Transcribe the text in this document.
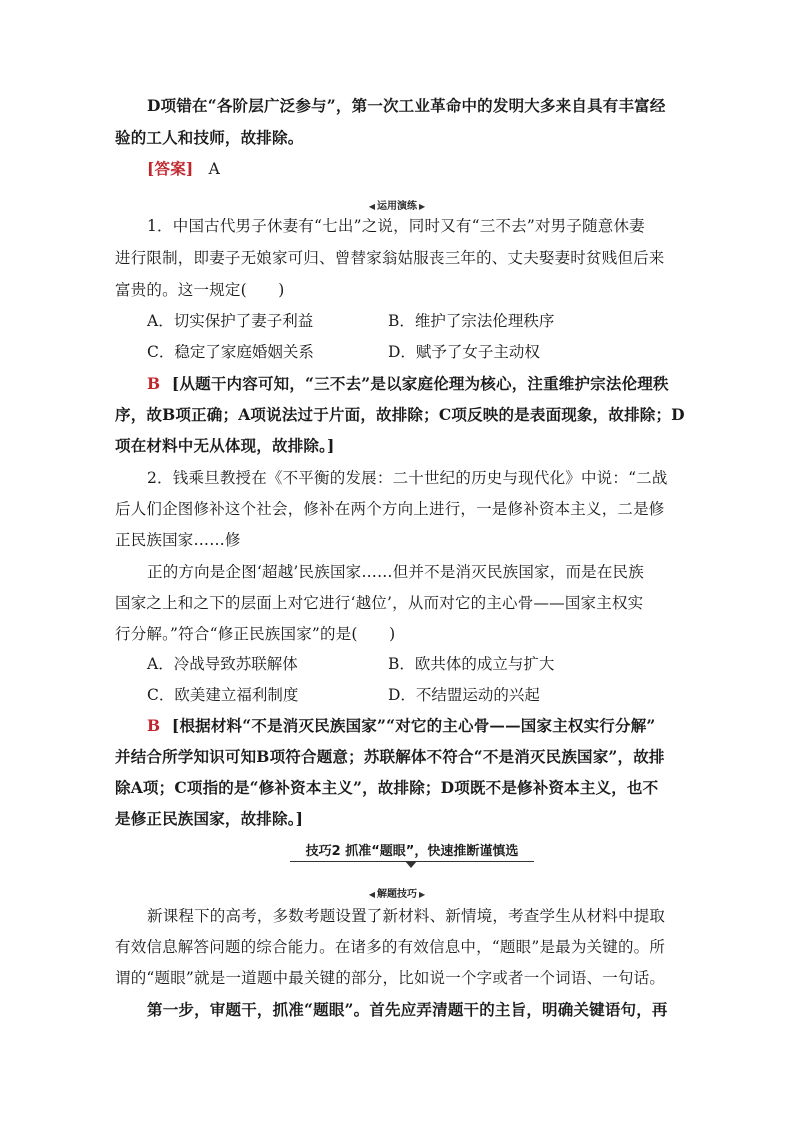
D项错在“各阶层广泛参与”，第一次工业革命中的发明大多来自具有丰富经
验的工人和技师，故排除。
[答案] A
◀ 运用演练 ▶
1．中国古代男子休妻有“七出”之说，同时又有“三不去”对男子随意休妻
进行限制，即妻子无娘家可归、曾替家翁姑服丧三年的、丈夫娶妻时贫贱但后来
富贵的。这一规定(　　)
A．切实保护了妻子利益	B．维护了宗法伦理秩序
C．稳定了家庭婚姻关系	D．赋予了女子主动权
B [从题干内容可知，“三不去”是以家庭伦理为核心，注重维护宗法伦理秩
序，故B项正确；A项说法过于片面，故排除；C项反映的是表面现象，故排除；D
项在材料中无从体现，故排除。]
2．钱乘旦教授在《不平衡的发展：二十世纪的历史与现代化》中说：“二战
后人们企图修补这个社会，修补在两个方向上进行，一是修补资本主义，二是修
正民族国家……修
正的方向是企图‘超越’民族国家……但并不是消灭民族国家，而是在民族
国家之上和之下的层面上对它进行‘越位’，从而对它的主心骨——国家主权实
行分解。”符合“修正民族国家”的是(　　)
A．冷战导致苏联解体	B．欧共体的成立与扩大
C．欧美建立福利制度	D．不结盟运动的兴起
B [根据材料“不是消灭民族国家”“对它的主心骨——国家主权实行分解”
并结合所学知识可知B项符合题意；苏联解体不符合“不是消灭民族国家”，故排
除A项；C项指的是“修补资本主义”，故排除；D项既不是修补资本主义，也不
是修正民族国家，故排除。]
技巧2 抓准“题眼”，快速推断谨慎选
◀ 解题技巧 ▶
新课程下的高考，多数考题设置了新材料、新情境，考查学生从材料中提取
有效信息解答问题的综合能力。在诸多的有效信息中，“题眼”是最为关键的。所
谓的“题眼”就是一道题中最关键的部分，比如说一个字或者一个词语、一句话。
第一步，审题干，抓准“题眼”。首先应弄清题干的主旨，明确关键语句，再
